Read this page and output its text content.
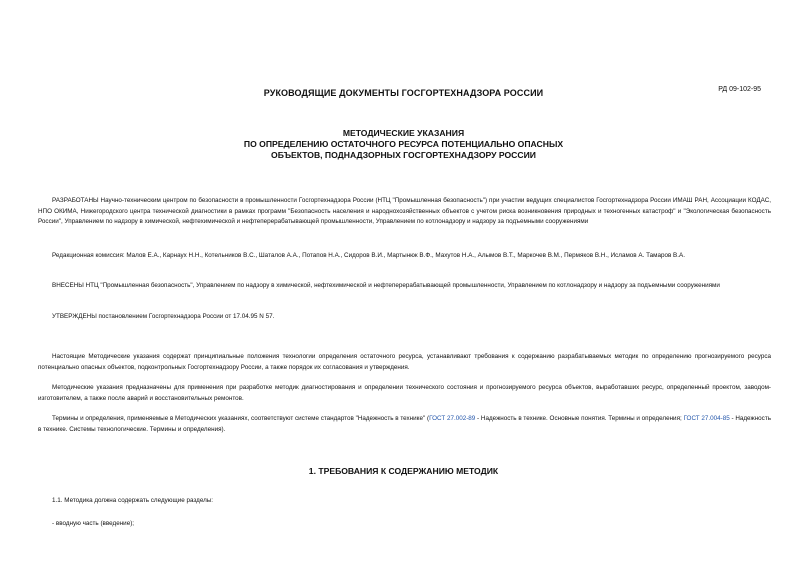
РД 09-102-95
РУКОВОДЯЩИЕ ДОКУМЕНТЫ ГОСГОРТЕХНАДЗОРА РОССИИ
МЕТОДИЧЕСКИЕ УКАЗАНИЯ
ПО ОПРЕДЕЛЕНИЮ ОСТАТОЧНОГО РЕСУРСА ПОТЕНЦИАЛЬНО ОПАСНЫХ
ОБЪЕКТОВ, ПОДНАДЗОРНЫХ ГОСГОРТЕХНАДЗОРУ РОССИИ
РАЗРАБОТАНЫ Научно-техническим центром по безопасности в промышленности Госгортехнадзора России (НТЦ "Промышленная безопасность") при участии ведущих специалистов Госгортехнадзора России ИМАШ РАН, Ассоциации КОДАС, НПО ОКИМА, Нижегородского центра технической диагностики в рамках программ "Безопасность населения и народнохозяйственных объектов с учетом риска возникновения природных и техногенных катастроф" и "Экологическая безопасность России", Управлением по надзору в химической, нефтехимической и нефтеперерабатывающей промышленности, Управлением по котлонадзору и надзору за подъемными сооружениями
Редакционная комиссия: Малов Е.А., Карнаух Н.Н., Котельников В.С., Шаталов А.А., Потапов Н.А., Сидоров В.И., Мартынюк В.Ф., Махутов Н.А., Алымов В.Т., Маркочев В.М., Пермяков В.Н., Исламов А. Тамаров В.А.
ВНЕСЕНЫ НТЦ "Промышленная безопасность", Управлением по надзору в химической, нефтехимической и нефтеперерабатывающей промышленности, Управлением по котлонадзору и надзору за подъемными сооружениями
УТВЕРЖДЕНЫ постановлением Госгортехнадзора России от 17.04.95 N 57.
Настоящие Методические указания содержат принципиальные положения технологии определения остаточного ресурса, устанавливают требования к содержанию разрабатываемых методик по определению прогнозируемого ресурса потенциально опасных объектов, подконтрольных Госгортехнадзору России, а также порядок их согласования и утверждения.
Методические указания предназначены для применения при разработке методик диагностирования и определении технического состояния и прогнозируемого ресурса объектов, выработавших ресурс, определенный проектом, заводом-изготовителем, а также после аварий и восстановительных ремонтов.
Термины и определения, применяемые в Методических указаниях, соответствуют системе стандартов "Надежность в технике" (ГОСТ 27.002-89 - Надежность в технике. Основные понятия. Термины и определения; ГОСТ 27.004-85 - Надежность в технике. Системы технологические. Термины и определения).
1. ТРЕБОВАНИЯ К СОДЕРЖАНИЮ МЕТОДИК
1.1. Методика должна содержать следующие разделы:
- вводную часть (введение);
